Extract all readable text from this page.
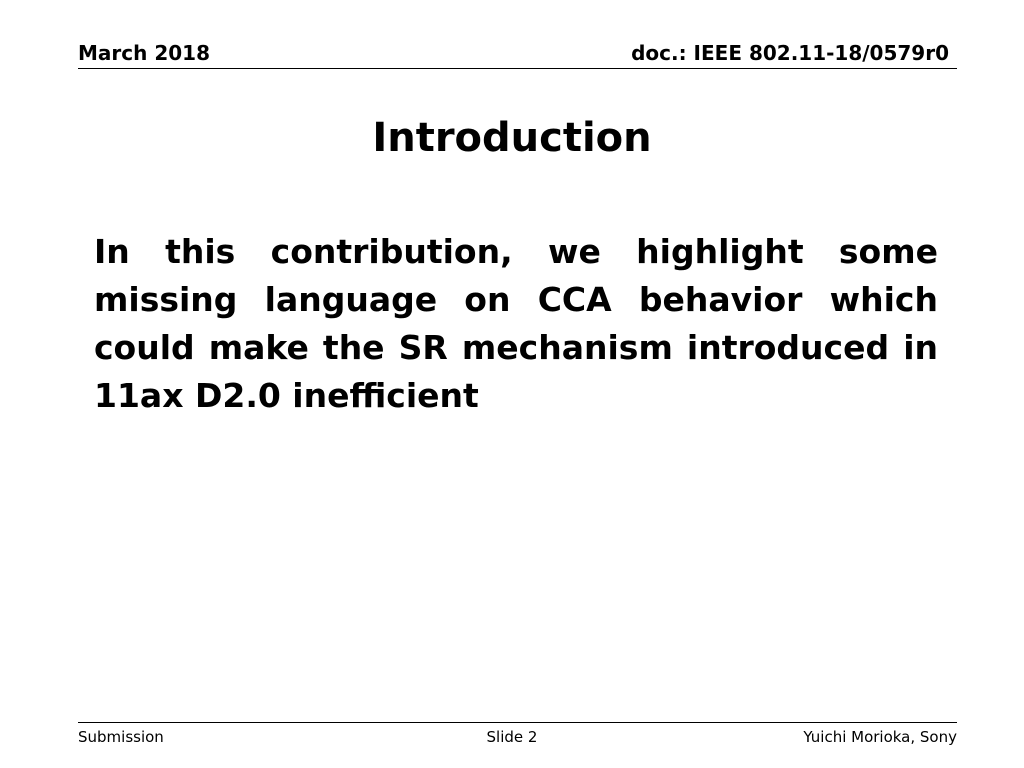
March 2018	doc.: IEEE 802.11-18/0579r0
Introduction
In this contribution, we highlight some missing language on CCA behavior which could make the SR mechanism introduced in 11ax D2.0 inefficient
Submission	Slide 2	Yuichi Morioka, Sony
